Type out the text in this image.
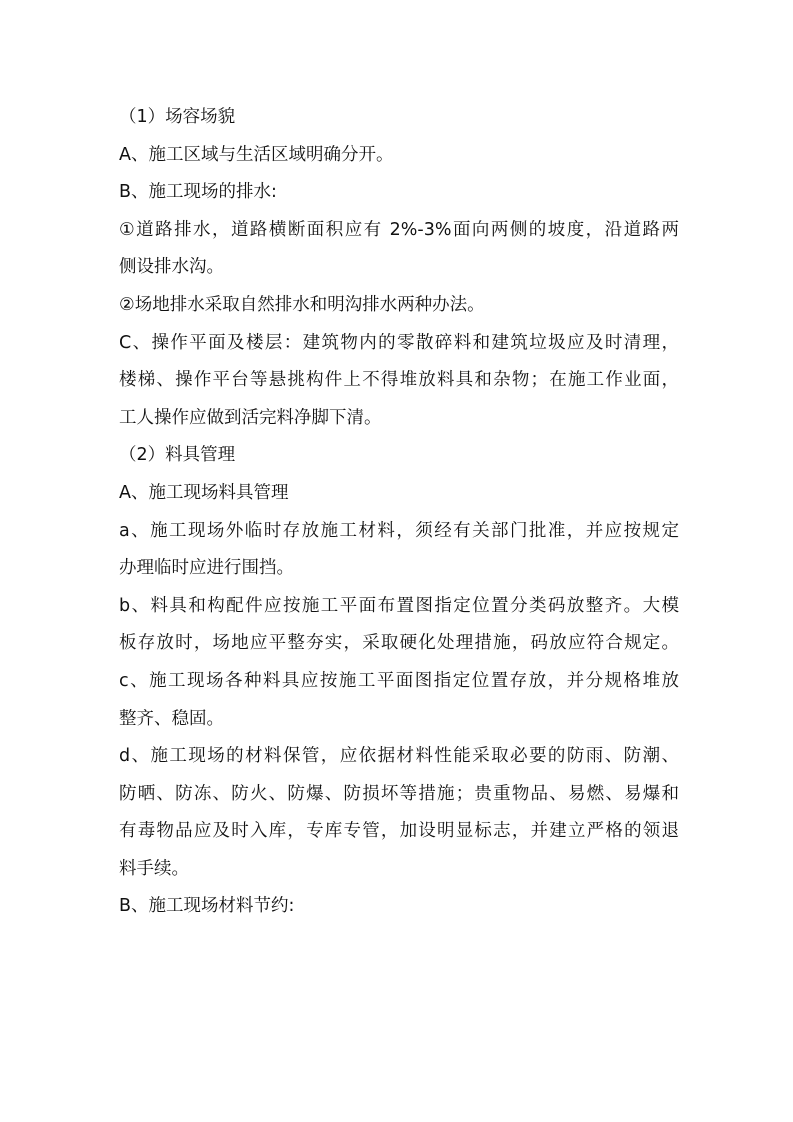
（1）场容场貌
A、施工区域与生活区域明确分开。
B、施工现场的排水:
①道路排水，道路横断面积应有 2%-3%面向两侧的坡度，沿道路两
侧设排水沟。
②场地排水采取自然排水和明沟排水两种办法。
C、操作平面及楼层：建筑物内的零散碎料和建筑垃圾应及时清理，
楼梯、操作平台等悬挑构件上不得堆放料具和杂物；在施工作业面，
工人操作应做到活完料净脚下清。
（2）料具管理
A、施工现场料具管理
a、施工现场外临时存放施工材料，须经有关部门批准，并应按规定
办理临时应进行围挡。
b、料具和构配件应按施工平面布置图指定位置分类码放整齐。大模
板存放时，场地应平整夯实，采取硬化处理措施，码放应符合规定。
c、施工现场各种料具应按施工平面图指定位置存放，并分规格堆放
整齐、稳固。
d、施工现场的材料保管，应依据材料性能采取必要的防雨、防潮、
防晒、防冻、防火、防爆、防损坏等措施；贵重物品、易燃、易爆和
有毒物品应及时入库，专库专管，加设明显标志，并建立严格的领退
料手续。
B、施工现场材料节约:
